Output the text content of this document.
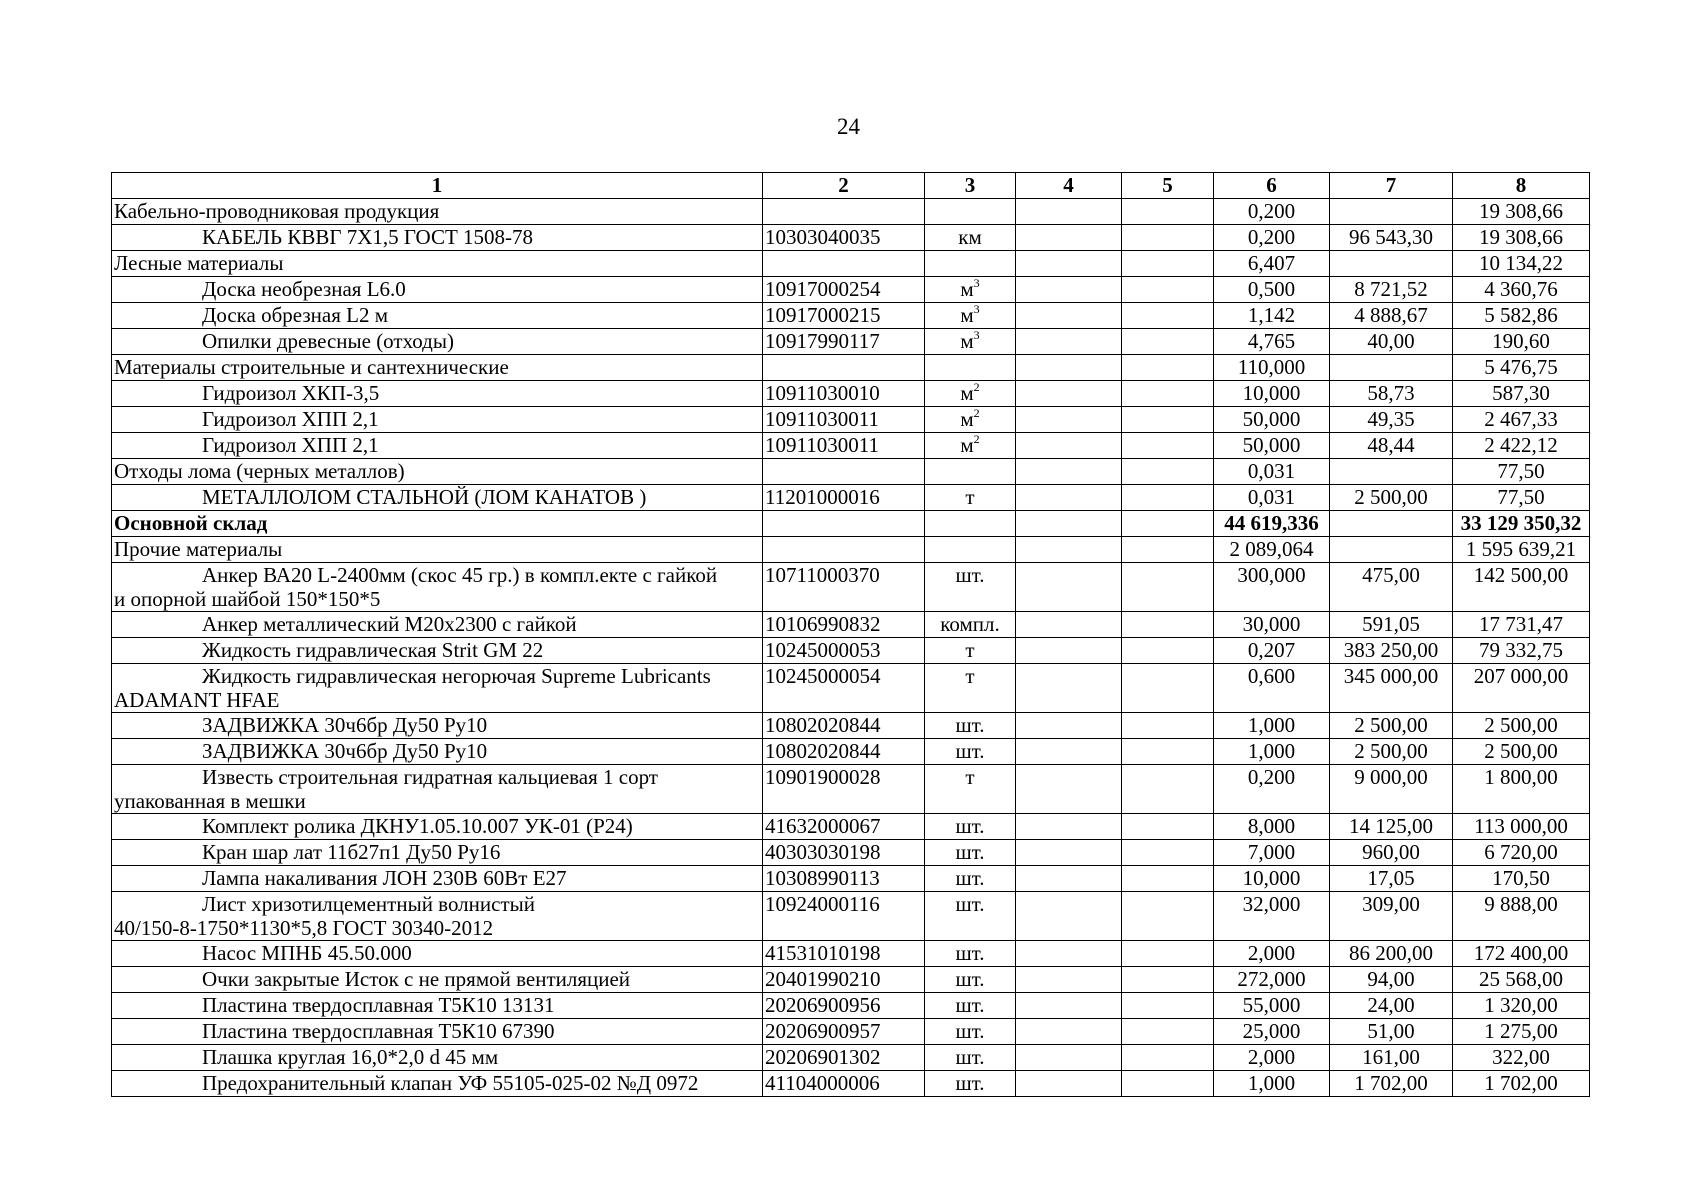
24
1	2	3	4	5	6	7	8
Кабельно-проводниковая продукция					0,200		19 308,66

КАБЕЛЬ КВВГ 7Х1,5 ГОСТ 1508-78	10303040035	км			0,200	96 543,30	19 308,66
Лесные материалы					6,407		10 134,22

Доска необрезная L6.0	10917000254	$м^3$			0,500	8 721,52	4 360,76

Доска обрезная L2 м	10917000215	$м^3$			1,142	4 888,67	5 582,86

Опилки древесные (отходы)	10917990117	$м^3$			4,765	40,00	190,60
Материалы строительные и сантехнические					110,000		5 476,75

Гидроизол ХКП-3,5	10911030010	$м^2$			10,000	58,73	587,30

Гидроизол ХПП 2,1	10911030011	$м^2$			50,000	49,35	2 467,33

Гидроизол ХПП 2,1	10911030011	$м^2$			50,000	48,44	2 422,12
Отходы лома (черных металлов)					0,031		77,50

МЕТАЛЛОЛОМ СТАЛЬНОЙ (ЛОМ КАНАТОВ )	11201000016	т			0,031	2 500,00	77,50
Основной склад					44 619,336		33 129 350,32
Прочие материалы					2 089,064		1 595 639,21

Анкер ВА20 L-2400мм (скос 45 гр.) в компл.екте с гайкой
и опорной шайбой 150*150*5	10711000370	шт.			300,000	475,00	142 500,00

Анкер металлический М20х2300 с гайкой	10106990832	компл.			30,000	591,05	17 731,47

Жидкость гидравлическая Strit GM 22	10245000053	т			0,207	383 250,00	79 332,75

Жидкость гидравлическая негорючая Supreme Lubricants
ADAMANT HFAE	10245000054	т			0,600	345 000,00	207 000,00

ЗАДВИЖКА 30ч6бр Ду50 Ру10	10802020844	шт.			1,000	2 500,00	2 500,00

ЗАДВИЖКА 30ч6бр Ду50 Ру10	10802020844	шт.			1,000	2 500,00	2 500,00

Известь строительная гидратная кальциевая 1 сорт
упакованная в мешки	10901900028	т			0,200	9 000,00	1 800,00

Комплект ролика ДКНУ1.05.10.007 УК-01 (Р24)	41632000067	шт.			8,000	14 125,00	113 000,00

Кран шар лат 11б27п1 Ду50 Ру16	40303030198	шт.			7,000	960,00	6 720,00

Лампа накаливания ЛОН 230В 60Вт Е27	10308990113	шт.			10,000	17,05	170,50

Лист хризотилцементный волнистый
40/150-8-1750*1130*5,8 ГОСТ 30340-2012	10924000116	шт.			32,000	309,00	9 888,00

Насос МПНБ 45.50.000	41531010198	шт.			2,000	86 200,00	172 400,00

Очки закрытые Исток с не прямой вентиляцией	20401990210	шт.			272,000	94,00	25 568,00

Пластина твердосплавная Т5К10 13131	20206900956	шт.			55,000	24,00	1 320,00

Пластина твердосплавная Т5К10 67390	20206900957	шт.			25,000	51,00	1 275,00

Плашка круглая 16,0*2,0 d 45 мм	20206901302	шт.			2,000	161,00	322,00

Предохранительный клапан УФ 55105-025-02 №Д 0972	41104000006	шт.			1,000	1 702,00	1 702,00
